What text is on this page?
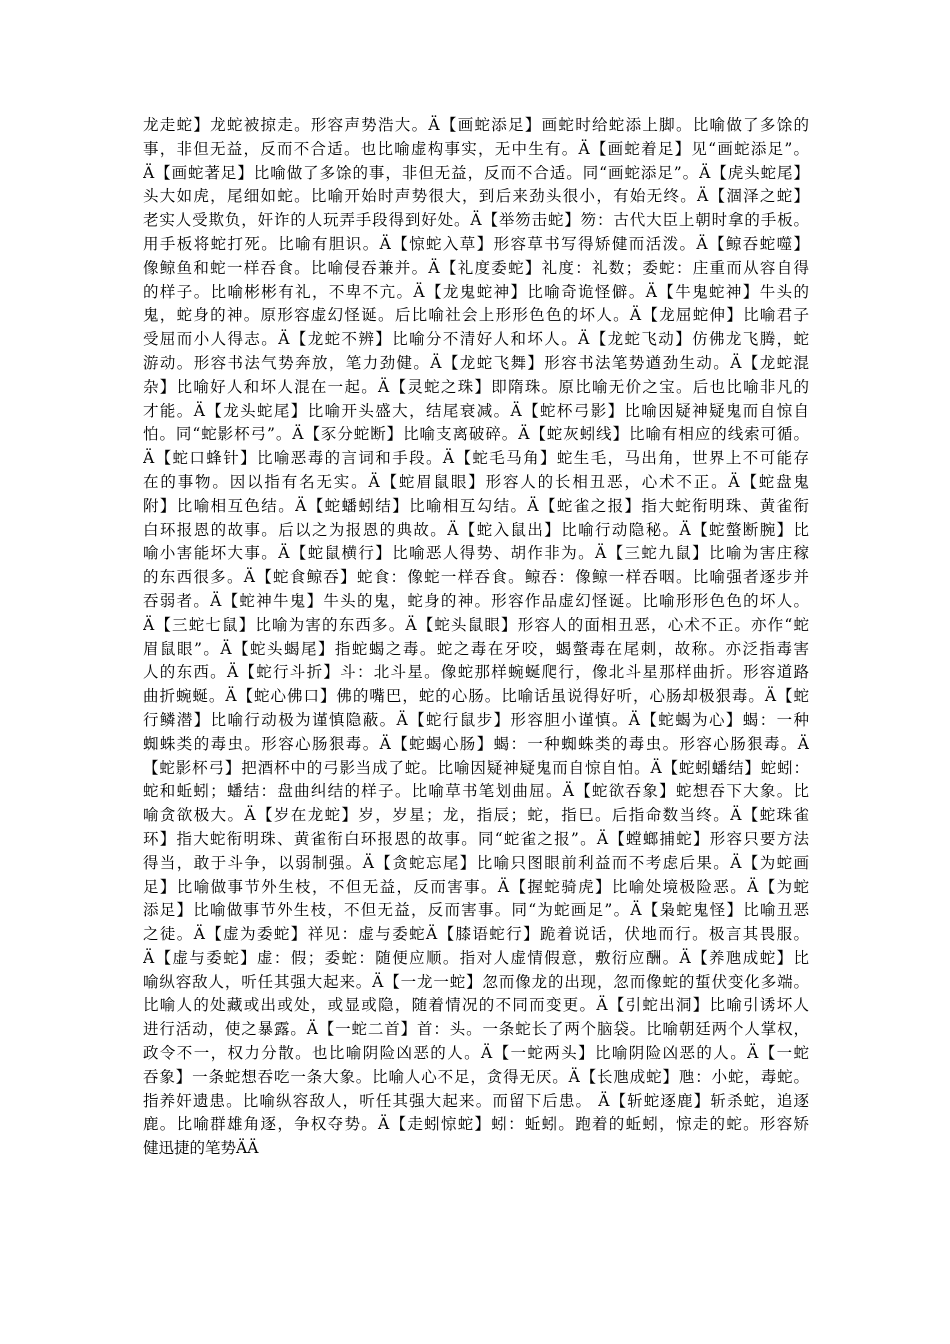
龙走蛇】龙蛇被掠走。形容声势浩大。Ä【画蛇添足】画蛇时给蛇添上脚。比喻做了多馀的
事，非但无益，反而不合适。也比喻虚构事实，无中生有。Ä【画蛇着足】见“画蛇添足”。
Ä【画蛇著足】比喻做了多馀的事，非但无益，反而不合适。同“画蛇添足”。Ä【虎头蛇尾】
头大如虎，尾细如蛇。比喻开始时声势很大，到后来劲头很小，有始无终。Ä【涸泽之蛇】
老实人受欺负，奸诈的人玩弄手段得到好处。Ä【举笏击蛇】笏：古代大臣上朝时拿的手板。
用手板将蛇打死。比喻有胆识。Ä【惊蛇入草】形容草书写得矫健而活泼。Ä【鲸吞蛇噬】
像鲸鱼和蛇一样吞食。比喻侵吞兼并。Ä【礼度委蛇】礼度：礼数；委蛇：庄重而从容自得
的样子。比喻彬彬有礼，不卑不亢。Ä【龙鬼蛇神】比喻奇诡怪僻。Ä【牛鬼蛇神】牛头的
鬼，蛇身的神。原形容虚幻怪诞。后比喻社会上形形色色的坏人。Ä【龙屈蛇伸】比喻君子
受屈而小人得志。Ä【龙蛇不辨】比喻分不清好人和坏人。Ä【龙蛇飞动】仿佛龙飞腾，蛇
游动。形容书法气势奔放，笔力劲健。Ä【龙蛇飞舞】形容书法笔势遒劲生动。Ä【龙蛇混
杂】比喻好人和坏人混在一起。Ä【灵蛇之珠】即隋珠。原比喻无价之宝。后也比喻非凡的
才能。Ä【龙头蛇尾】比喻开头盛大，结尾衰减。Ä【蛇杯弓影】比喻因疑神疑鬼而自惊自
怕。同“蛇影杯弓”。Ä【豕分蛇断】比喻支离破碎。Ä【蛇灰蚓线】比喻有相应的线索可循。
Ä【蛇口蜂针】比喻恶毒的言词和手段。Ä【蛇毛马角】蛇生毛，马出角，世界上不可能存
在的事物。因以指有名无实。Ä【蛇眉鼠眼】形容人的长相丑恶，心术不正。Ä【蛇盘鬼
附】比喻相互色结。Ä【蛇蟠蚓结】比喻相互勾结。Ä【蛇雀之报】指大蛇衔明珠、黄雀衔
白环报恩的故事。后以之为报恩的典故。Ä【蛇入鼠出】比喻行动隐秘。Ä【蛇螫断腕】比
喻小害能坏大事。Ä【蛇鼠横行】比喻恶人得势、胡作非为。Ä【三蛇九鼠】比喻为害庄稼
的东西很多。Ä【蛇食鲸吞】蛇食：像蛇一样吞食。鲸吞：像鲸一样吞咽。比喻强者逐步并
吞弱者。Ä【蛇神牛鬼】牛头的鬼，蛇身的神。形容作品虚幻怪诞。比喻形形色色的坏人。
Ä【三蛇七鼠】比喻为害的东西多。Ä【蛇头鼠眼】形容人的面相丑恶，心术不正。亦作“蛇
眉鼠眼”。Ä【蛇头蝎尾】指蛇蝎之毒。蛇之毒在牙咬，蝎螫毒在尾刺，故称。亦泛指毒害
人的东西。Ä【蛇行斗折】斗：北斗星。像蛇那样蜿蜒爬行，像北斗星那样曲折。形容道路
曲折蜿蜒。Ä【蛇心佛口】佛的嘴巴，蛇的心肠。比喻话虽说得好听，心肠却极狠毒。Ä【蛇
行鳞潜】比喻行动极为谨慎隐蔽。Ä【蛇行鼠步】形容胆小谨慎。Ä【蛇蝎为心】蝎：一种
蜘蛛类的毒虫。形容心肠狠毒。Ä【蛇蝎心肠】蝎：一种蜘蛛类的毒虫。形容心肠狠毒。Ä
【蛇影杯弓】把酒杯中的弓影当成了蛇。比喻因疑神疑鬼而自惊自怕。Ä【蛇蚓蟠结】蛇蚓：
蛇和蚯蚓；蟠结：盘曲纠结的样子。比喻草书笔划曲屈。Ä【蛇欲吞象】蛇想吞下大象。比
喻贪欲极大。Ä【岁在龙蛇】岁，岁星；龙，指辰；蛇，指巳。后指命数当终。Ä【蛇珠雀
环】指大蛇衔明珠、黄雀衔白环报恩的故事。同“蛇雀之报”。Ä【螳螂捕蛇】形容只要方法
得当，敢于斗争，以弱制强。Ä【贪蛇忘尾】比喻只图眼前利益而不考虑后果。Ä【为蛇画
足】比喻做事节外生枝，不但无益，反而害事。Ä【握蛇骑虎】比喻处境极险恶。Ä【为蛇
添足】比喻做事节外生枝，不但无益，反而害事。同“为蛇画足”。Ä【枭蛇鬼怪】比喻丑恶
之徒。Ä【虚为委蛇】祥见：虚与委蛇Ä【膝语蛇行】跪着说话，伏地而行。极言其畏服。
Ä【虚与委蛇】虚：假；委蛇：随便应顺。指对人虚情假意，敷衍应酬。Ä【养虺成蛇】比
喻纵容敌人，听任其强大起来。Ä【一龙一蛇】忽而像龙的出现，忽而像蛇的蜇伏变化多端。
比喻人的处藏或出或处，或显或隐，随着情况的不同而变更。Ä【引蛇出洞】比喻引诱坏人
进行活动，使之暴露。Ä【一蛇二首】首：头。一条蛇长了两个脑袋。比喻朝廷两个人掌权，
政令不一，权力分散。也比喻阴险凶恶的人。Ä【一蛇两头】比喻阴险凶恶的人。Ä【一蛇
吞象】一条蛇想吞吃一条大象。比喻人心不足，贪得无厌。Ä【长虺成蛇】虺：小蛇，毒蛇。
指养奸遗患。比喻纵容敌人，听任其强大起来。而留下后患。 Ä【斩蛇逐鹿】斩杀蛇，追逐
鹿。比喻群雄角逐，争权夺势。Ä【走蚓惊蛇】蚓：蚯蚓。跑着的蚯蚓，惊走的蛇。形容矫
健迅捷的笔势ÄÄ
